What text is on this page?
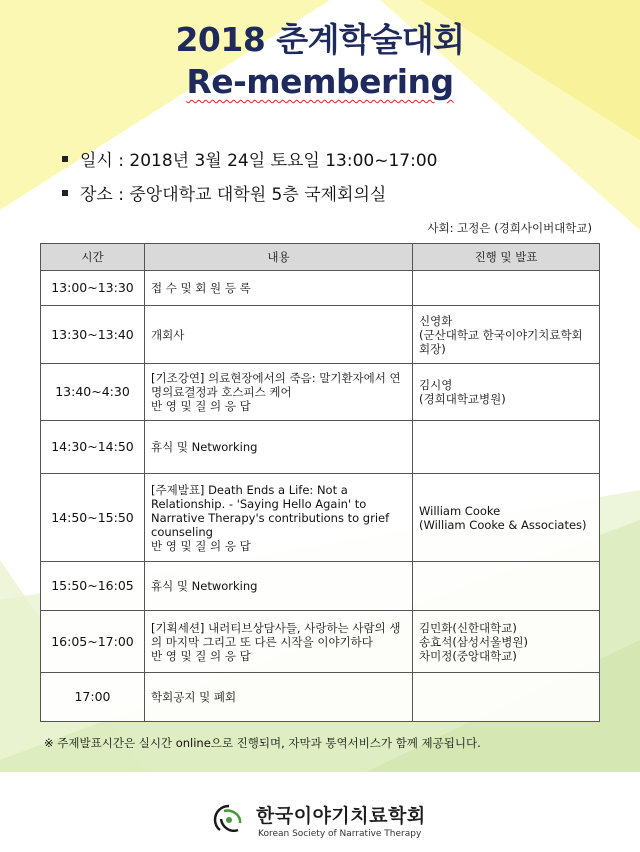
2018 춘계학술대회
Re-membering
일시 : 2018년 3월 24일 토요일 13:00~17:00
장소 : 중앙대학교 대학원 5층 국제회의실
사회: 고정은 (경희사이버대학교)
시간	내용	진행 및 발표
13:00~13:30	접 수 및 회 원 등 록	

13:30~13:40	개회사	신영화
(군산대학교 한국이야기치료학회
회장)

13:40~4:30	[기조강연] 의료현장에서의 죽음: 말기환자에서 연
명의료결정과 호스피스 케어
반 영 및 질 의 응 답	김시영
(경희대학교병원)

14:30~14:50	휴식 및 Networking	

14:50~15:50	[주제발표] Death Ends a Life: Not a
Relationship. - 'Saying Hello Again' to
Narrative Therapy's contributions to grief
counseling
반 영 및 질 의 응 답	William Cooke
(William Cooke & Associates)

15:50~16:05	휴식 및 Networking	

16:05~17:00	[기획세션] 내러티브상담사들, 사랑하는 사람의 생
의 마지막 그리고 또 다른 시작을 이야기하다
반 영 및 질 의 응 답	김민화(신한대학교)
송효석(삼성서울병원)
차미정(중앙대학교)

17:00	학회공지 및 폐회	

※ 주제발표시간은 실시간 online으로 진행되며, 자막과 통역서비스가 함께 제공됩니다.
한국이야기치료학회
Korean Society of Narrative Therapy
